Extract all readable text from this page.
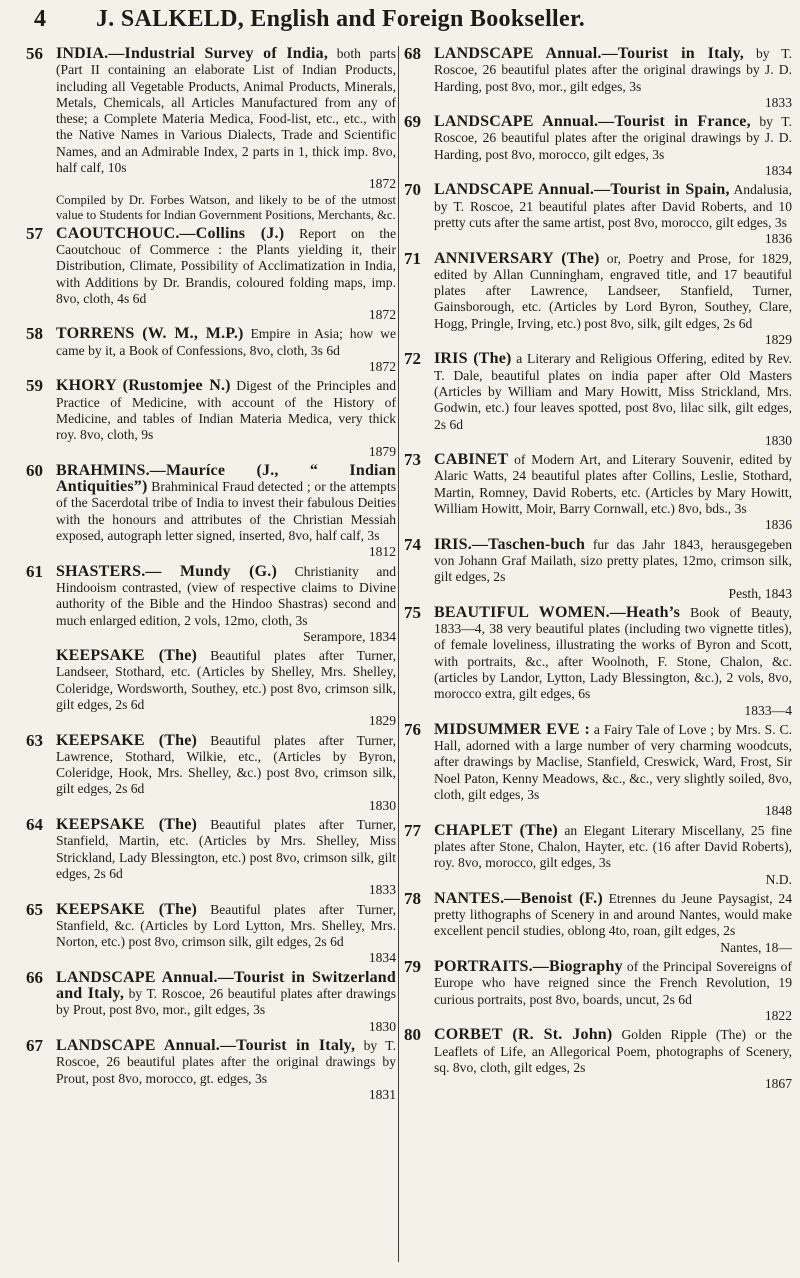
4 J. SALKELD, English and Foreign Bookseller.
56 INDIA.—Industrial Survey of India, both parts (Part II containing an elaborate List of Indian Products, including all Vegetable Products, Animal Products, Minerals, Metals, Chemicals, all Articles Manufactured from any of these; a Complete Materia Medica, Food-list, etc., etc., with the Native Names in Various Dialects, Trade and Scientific Names, and an Admirable Index, 2 parts in 1, thick imp. 8vo, half calf, 10s
1872
Compiled by Dr. Forbes Watson, and likely to be of the utmost value to Students for Indian Government Positions, Merchants, &c.
57 CAOUTCHOUC.—Collins (J.) Report on the Caoutchouc of Commerce : the Plants yielding it, their Distribution, Climate, Possibility of Acclimatization in India, with Additions by Dr. Brandis, coloured folding maps, imp. 8vo, cloth, 4s 6d
1872
58 TORRENS (W. M., M.P.) Empire in Asia; how we came by it, a Book of Confessions, 8vo, cloth, 3s 6d
1872
59 KHORY (Rustomjee N.) Digest of the Principles and Practice of Medicine, with account of the History of Medicine, and tables of Indian Materia Medica, very thick roy. 8vo, cloth, 9s
1879
60 BRAHMINS.—Mauríce (J., “ Indian Antiquities”) Brahminical Fraud detected ; or the attempts of the Sacerdotal tribe of India to invest their fabulous Deities with the honours and attributes of the Christian Messiah exposed, autograph letter signed, inserted, 8vo, half calf, 3s
1812
61 SHASTERS.— Mundy (G.) Christianity and Hindooism contrasted, (view of respective claims to Divine authority of the Bible and the Hindoo Shastras) second and much enlarged edition, 2 vols, 12mo, cloth, 3s
Serampore, 1834
KEEPSAKE (The) Beautiful plates after Turner, Landseer, Stothard, etc. (Articles by Shelley, Mrs. Shelley, Coleridge, Wordsworth, Southey, etc.) post 8vo, crimson silk, gilt edges, 2s 6d
1829
63 KEEPSAKE (The) Beautiful plates after Turner, Lawrence, Stothard, Wilkie, etc., (Articles by Byron, Coleridge, Hook, Mrs. Shelley, &c.) post 8vo, crimson silk, gilt edges, 2s 6d
1830
64 KEEPSAKE (The) Beautiful plates after Turner, Stanfield, Martin, etc. (Articles by Mrs. Shelley, Miss Strickland, Lady Blessington, etc.) post 8vo, crimson silk, gilt edges, 2s 6d
1833
65 KEEPSAKE (The) Beautiful plates after Turner, Stanfield, &c. (Articles by Lord Lytton, Mrs. Shelley, Mrs. Norton, etc.) post 8vo, crimson silk, gilt edges, 2s 6d
1834
66 LANDSCAPE Annual.—Tourist in Switzerland and Italy, by T. Roscoe, 26 beautiful plates after drawings by Prout, post 8vo, mor., gilt edges, 3s
1830
67 LANDSCAPE Annual.—Tourist in Italy, by T. Roscoe, 26 beautiful plates after the original drawings by Prout, post 8vo, morocco, gt. edges, 3s
1831
68 LANDSCAPE Annual.—Tourist in Italy, by T. Roscoe, 26 beautiful plates after the original drawings by J. D. Harding, post 8vo, mor., gilt edges, 3s
1833
69 LANDSCAPE Annual.—Tourist in France, by T. Roscoe, 26 beautiful plates after the original drawings by J. D. Harding, post 8vo, morocco, gilt edges, 3s
1834
70 LANDSCAPE Annual.—Tourist in Spain, Andalusia, by T. Roscoe, 21 beautiful plates after David Roberts, and 10 pretty cuts after the same artist, post 8vo, morocco, gilt edges, 3s
1836
71 ANNIVERSARY (The) or, Poetry and Prose, for 1829, edited by Allan Cunningham, engraved title, and 17 beautiful plates after Lawrence, Landseer, Stanfield, Turner, Gainsborough, etc. (Articles by Lord Byron, Southey, Clare, Hogg, Pringle, Irving, etc.) post 8vo, silk, gilt edges, 2s 6d
1829
72 IRIS (The) a Literary and Religious Offering, edited by Rev. T. Dale, beautiful plates on india paper after Old Masters (Articles by William and Mary Howitt, Miss Strickland, Mrs. Godwin, etc.) four leaves spotted, post 8vo, lilac silk, gilt edges, 2s 6d
1830
73 CABINET of Modern Art, and Literary Souvenir, edited by Alaric Watts, 24 beautiful plates after Collins, Leslie, Stothard, Martin, Romney, David Roberts, etc. (Articles by Mary Howitt, William Howitt, Moir, Barry Cornwall, etc.) 8vo, bds., 3s
1836
74 IRIS.—Taschen-buch fur das Jahr 1843, herausgegeben von Johann Graf Mailath, sizo pretty plates, 12mo, crimson silk, gilt edges, 2s
Pesth, 1843
75 BEAUTIFUL WOMEN.—Heath’s Book of Beauty, 1833—4, 38 very beautiful plates (including two vignette titles), of female loveliness, illustrating the works of Byron and Scott, with portraits, &c., after Woolnoth, F. Stone, Chalon, &c. (articles by Landor, Lytton, Lady Blessington, &c.), 2 vols, 8vo, morocco extra, gilt edges, 6s
1833—4
76 MIDSUMMER EVE : a Fairy Tale of Love ; by Mrs. S. C. Hall, adorned with a large number of very charming woodcuts, after drawings by Maclise, Stanfield, Creswick, Ward, Frost, Sir Noel Paton, Kenny Meadows, &c., &c., very slightly soiled, 8vo, cloth, gilt edges, 3s
1848
77 CHAPLET (The) an Elegant Literary Miscellany, 25 fine plates after Stone, Chalon, Hayter, etc. (16 after David Roberts), roy. 8vo, morocco, gilt edges, 3s
N.D.
78 NANTES.—Benoist (F.) Etrennes du Jeune Paysagist, 24 pretty lithographs of Scenery in and around Nantes, would make excellent pencil studies, oblong 4to, roan, gilt edges, 2s
Nantes, 18—
79 PORTRAITS.—Biography of the Principal Sovereigns of Europe who have reigned since the French Revolution, 19 curious portraits, post 8vo, boards, uncut, 2s 6d
1822
80 CORBET (R. St. John) Golden Ripple (The) or the Leaflets of Life, an Allegorical Poem, photographs of Scenery, sq. 8vo, cloth, gilt edges, 2s
1867
